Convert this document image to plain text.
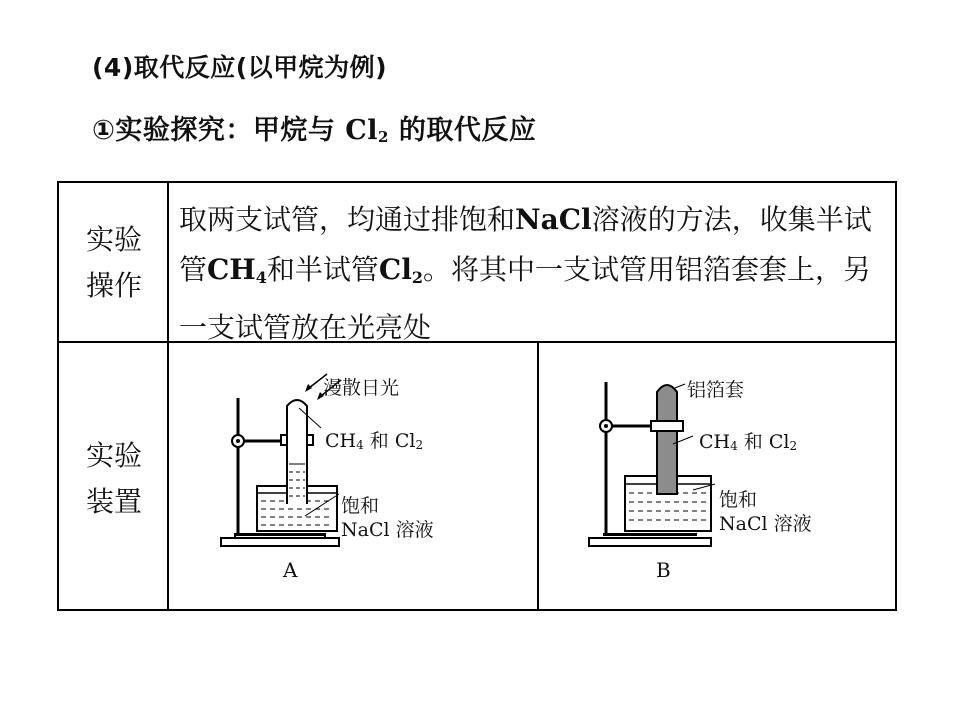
(4)取代反应(以甲烷为例)
①实验探究：甲烷与 $Cl_2$ 的取代反应
实验
操作
取两支试管，均通过排饱和NaCl溶液的方法，收集半试管$CH_4$和半试管$Cl_2$。将其中一支试管用铝箔套套上，另一支试管放在光亮处
实验
装置
漫散日光
$CH_4$ 和 $Cl_2$
饱和
NaCl 溶液
A
铝箔套
$CH_4$ 和 $Cl_2$
饱和
NaCl 溶液
B
